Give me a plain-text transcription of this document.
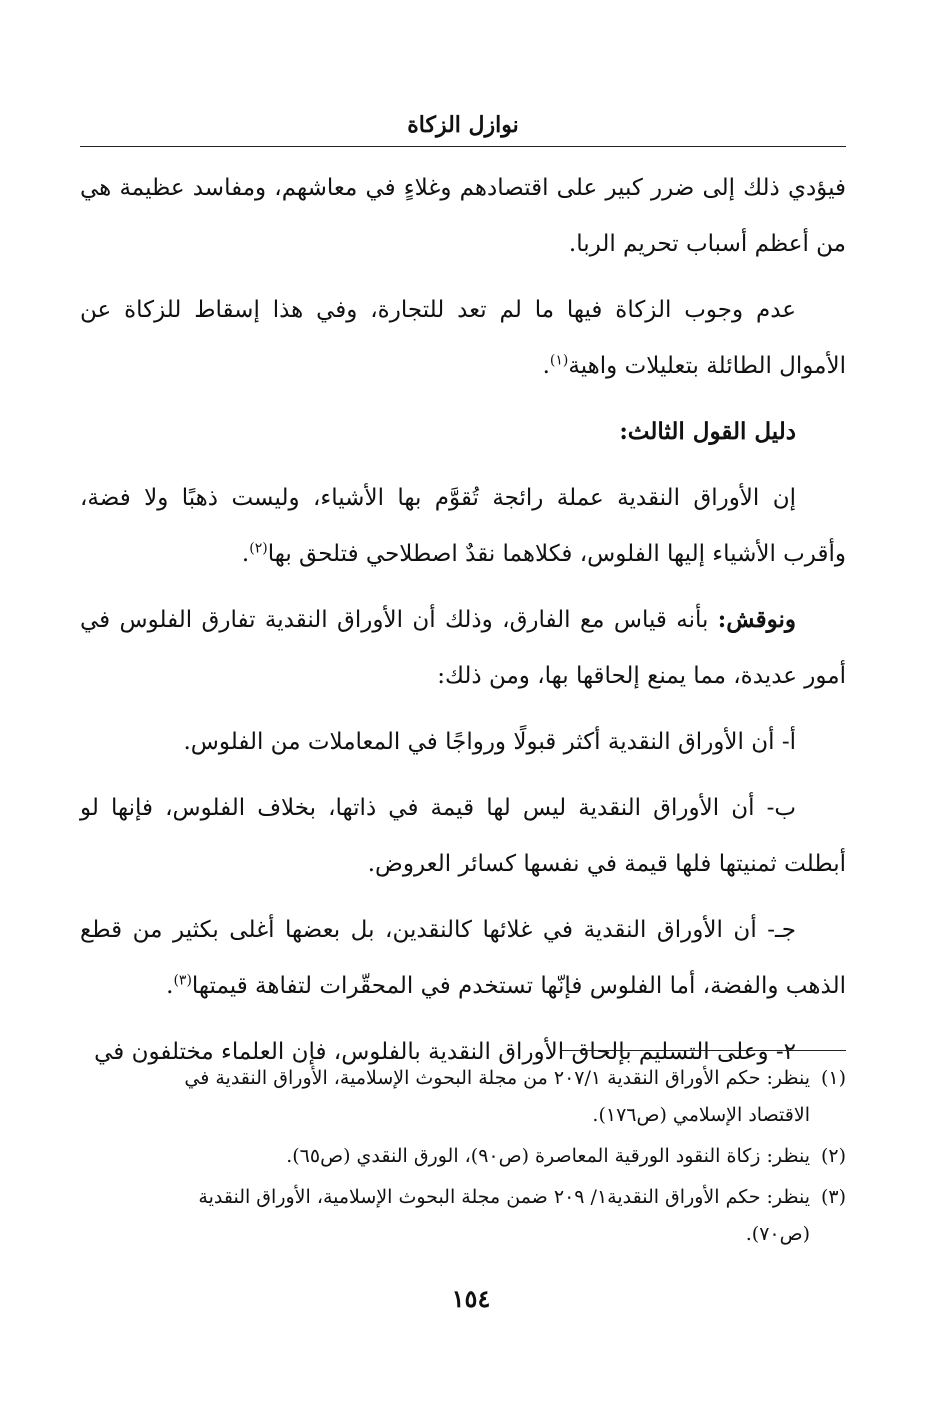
نوازل الزكاة

فيؤدي ذلك إلى ضرر كبير على اقتصادهم وغلاءٍ في معاشهم، ومفاسد عظيمة هي من أعظم أسباب تحريم الربا.

عدم وجوب الزكاة فيها ما لم تعد للتجارة، وفي هذا إسقاط للزكاة عن الأموال الطائلة بتعليلات واهية$^{(١)}$.

دليل القول الثالث:

إن الأوراق النقدية عملة رائجة تُقوَّم بها الأشياء، وليست ذهبًا ولا فضة، وأقرب الأشياء إليها الفلوس، فكلاهما نقدٌ اصطلاحي فتلحق بها$^{(٢)}$.

ونوقش: بأنه قياس مع الفارق، وذلك أن الأوراق النقدية تفارق الفلوس في أمور عديدة، مما يمنع إلحاقها بها، ومن ذلك:

أ- أن الأوراق النقدية أكثر قبولًا ورواجًا في المعاملات من الفلوس.

ب- أن الأوراق النقدية ليس لها قيمة في ذاتها، بخلاف الفلوس، فإنها لو أبطلت ثمنيتها فلها قيمة في نفسها كسائر العروض.

جـ- أن الأوراق النقدية في غلائها كالنقدين، بل بعضها أغلى بكثير من قطع الذهب والفضة، أما الفلوس فإنّها تستخدم في المحقّرات لتفاهة قيمتها$^{(٣)}$.

٢- وعلى التسليم بإلحاق الأوراق النقدية بالفلوس، فإن العلماء مختلفون في

(١)ينظر: حكم الأوراق النقدية ٢٠٧/١ من مجلة البحوث الإسلامية، الأوراق النقدية في
الاقتصاد الإسلامي (ص١٧٦).

(٢)ينظر: زكاة النقود الورقية المعاصرة (ص٩٠)، الورق النقدي (ص٦٥).

(٣)ينظر: حكم الأوراق النقدية١/ ٢٠٩ ضمن مجلة البحوث الإسلامية، الأوراق النقدية
(ص٧٠).

١٥٤
